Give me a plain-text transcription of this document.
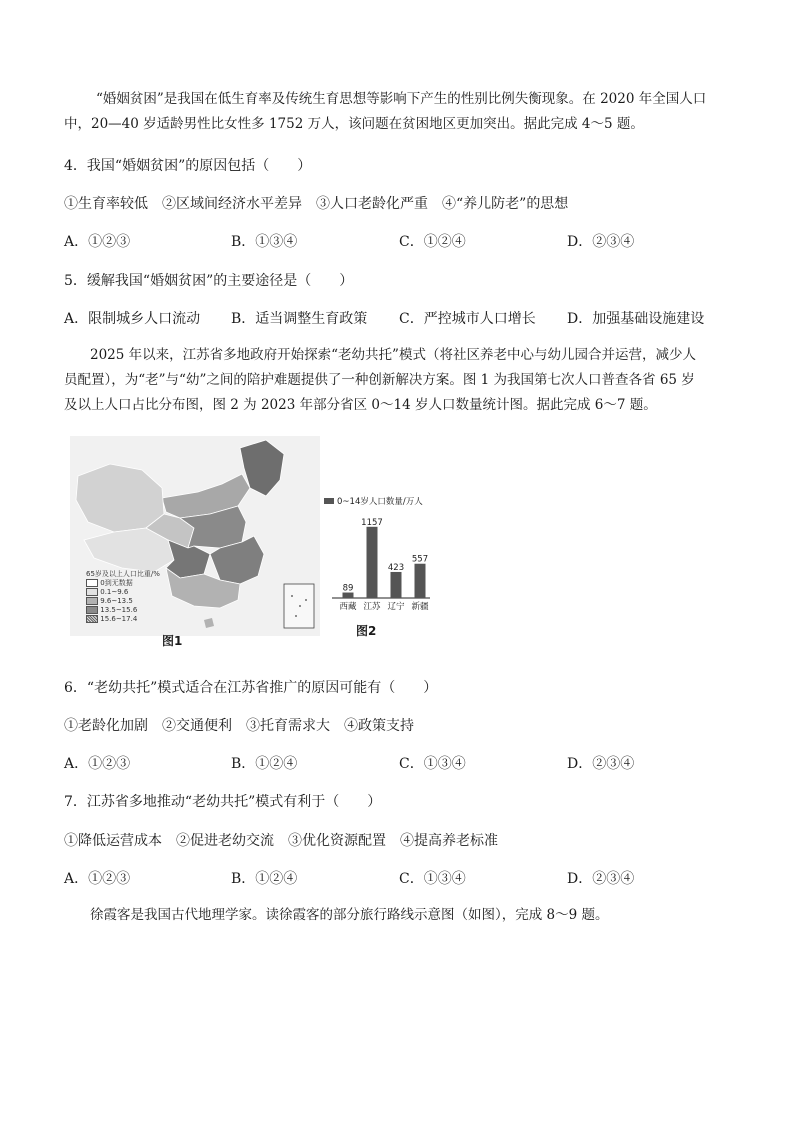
“婚姻贫困”是我国在低生育率及传统生育思想等影响下产生的性别比例失衡现象。在 2020 年全国人口
中，20—40 岁适龄男性比女性多 1752 万人，该问题在贫困地区更加突出。据此完成 4～5 题。
4．我国“婚姻贫困”的原因包括（　　）
①生育率较低　②区域间经济水平差异　③人口老龄化严重　④“养儿防老”的思想
A．①②③	B．①③④	C．①②④	D．②③④
5．缓解我国“婚姻贫困”的主要途径是（　　）
A．限制城乡人口流动 B．适当调整生育政策 C．严控城市人口增长 D．加强基础设施建设
2025 年以来，江苏省多地政府开始探索“老幼共托”模式（将社区养老中心与幼儿园合并运营，减少人
员配置），为“老”与“幼”之间的陪护难题提供了一种创新解决方案。图 1 为我国第七次人口普查各省 65 岁
及以上人口占比分布图，图 2 为 2023 年部分省区 0～14 岁人口数量统计图。据此完成 6～7 题。
65岁及以上人口比重/%
0到无数据
0.1~9.6
9.6~13.5
13.5~15.6
15.6~17.4
图1
0~14岁人口数量/万人
89
西藏
1157
江苏
423
辽宁
557
新疆
图2
6．“老幼共托”模式适合在江苏省推广的原因可能有（　　）
①老龄化加剧　②交通便利　③托育需求大　④政策支持
A．①②③	B．①②④	C．①③④	D．②③④
7．江苏省多地推动“老幼共托”模式有利于（　　）
①降低运营成本　②促进老幼交流　③优化资源配置　④提高养老标准
A．①②③	B．①②④	C．①③④	D．②③④
徐霞客是我国古代地理学家。读徐霞客的部分旅行路线示意图（如图），完成 8～9 题。
